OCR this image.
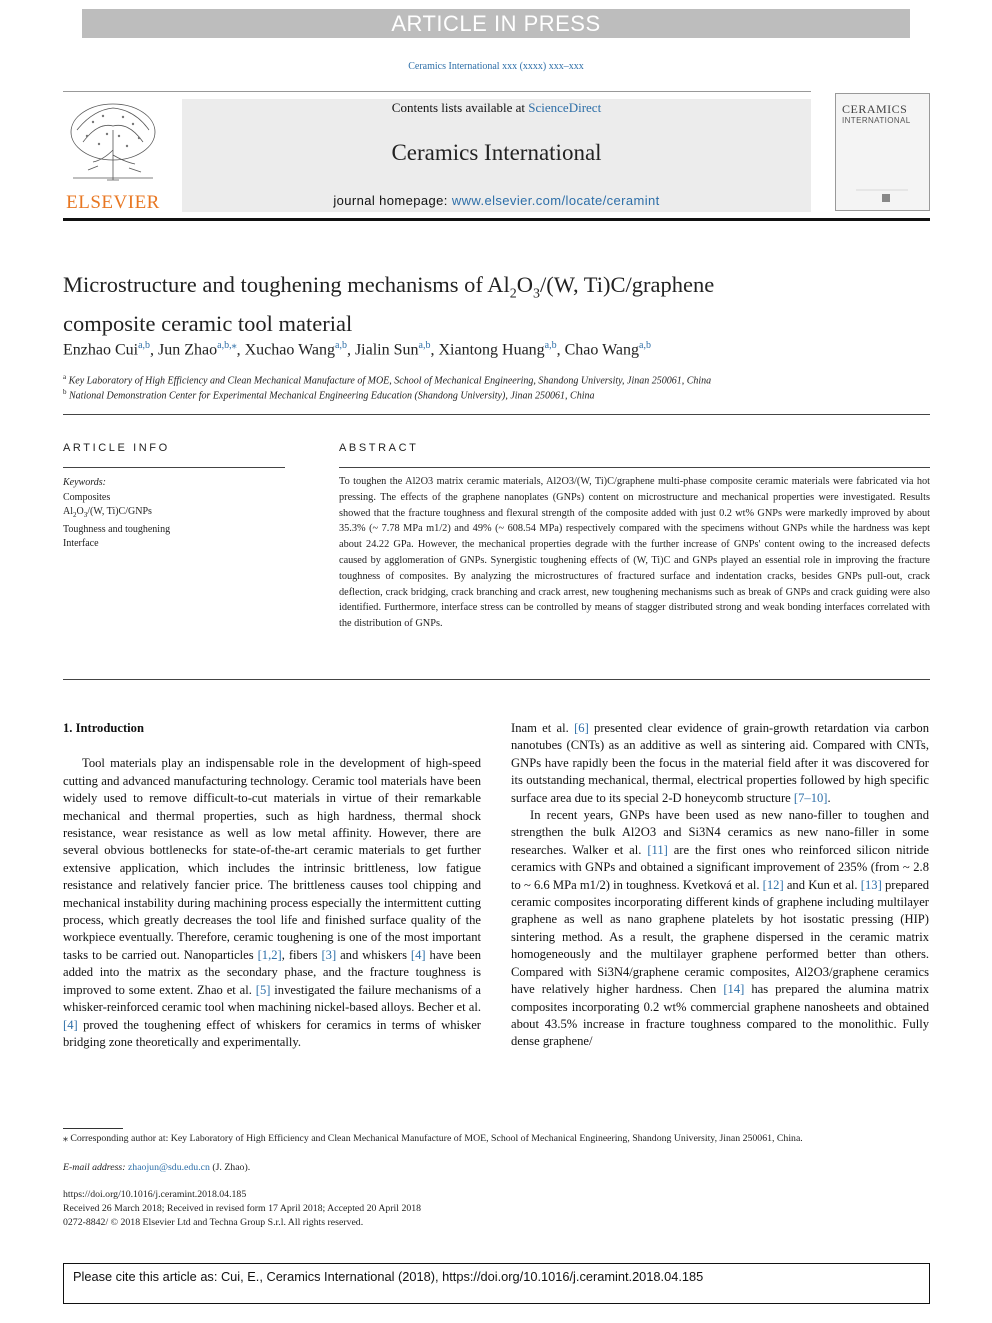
ARTICLE IN PRESS
Ceramics International xxx (xxxx) xxx–xxx
ELSEVIER
Contents lists available at ScienceDirect
Ceramics International
journal homepage: www.elsevier.com/locate/ceramint
CERAMICS
INTERNATIONAL
Microstructure and toughening mechanisms of $Al_2O_3/(W$, Ti)C/graphene
composite ceramic tool material
Enzhao Cui$^{a,b}$, Jun Zhao$^{a,b,⁎}$, Xuchao Wang$^{a,b}$, Jialin Sun$^{a,b}$, Xiantong Huang$^{a,b}$, Chao Wang$^{a,b}$
$^a$ Key Laboratory of High Efficiency and Clean Mechanical Manufacture of MOE, School of Mechanical Engineering, Shandong University, Jinan 250061, China
$^b$ National Demonstration Center for Experimental Mechanical Engineering Education (Shandong University), Jinan 250061, China
ARTICLE INFO
Keywords:
Composites
$Al_2O_3/(W$, Ti)C/GNPs
Toughness and toughening
Interface
ABSTRACT
To toughen the Al2O3 matrix ceramic materials, Al2O3/(W, Ti)C/graphene multi-phase composite ceramic materials were fabricated via hot pressing. The effects of the graphene nanoplates (GNPs) content on microstructure and mechanical properties were investigated. Results showed that the fracture toughness and flexural strength of the composite added with just 0.2 wt% GNPs were markedly improved by about 35.3% (~ 7.78 MPa m1/2) and 49% (~ 608.54 MPa) respectively compared with the specimens without GNPs while the hardness was kept about 24.22 GPa. However, the mechanical properties degrade with the further increase of GNPs' content owing to the increased defects caused by agglomeration of GNPs. Synergistic toughening effects of (W, Ti)C and GNPs played an essential role in improving the fracture toughness of composites. By analyzing the microstructures of fractured surface and indentation cracks, besides GNPs pull-out, crack deflection, crack bridging, crack branching and crack arrest, new toughening mechanisms such as break of GNPs and crack guiding were also identified. Furthermore, interface stress can be controlled by means of stagger distributed strong and weak bonding interfaces correlated with the distribution of GNPs.
1. Introduction

Tool materials play an indispensable role in the development of high-speed cutting and advanced manufacturing technology. Ceramic tool materials have been widely used to remove difficult-to-cut materials in virtue of their remarkable mechanical and thermal properties, such as high hardness, thermal shock resistance, wear resistance as well as low metal affinity. However, there are several obvious bottlenecks for state-of-the-art ceramic materials to get further extensive application, which includes the intrinsic brittleness, low fatigue resistance and relatively fancier price. The brittleness causes tool chipping and mechanical instability during machining process especially the intermittent cutting process, which greatly decreases the tool life and finished surface quality of the workpiece eventually. Therefore, ceramic toughening is one of the most important tasks to be carried out. Nanoparticles [1,2], fibers [3] and whiskers [4] have been added into the matrix as the secondary phase, and the fracture toughness is improved to some extent. Zhao et al. [5] investigated the failure mechanisms of a whisker-reinforced ceramic tool when machining nickel-based alloys. Becher et al. [4] proved the toughening effect of whiskers for ceramics in terms of whisker bridging zone theoretically and experimentally.

Inam et al. [6] presented clear evidence of grain-growth retardation via carbon nanotubes (CNTs) as an additive as well as sintering aid. Compared with CNTs, GNPs have rapidly been the focus in the material field after it was discovered for its outstanding mechanical, thermal, electrical properties followed by high specific surface area due to its special 2-D honeycomb structure [7–10].

In recent years, GNPs have been used as new nano-filler to toughen and strengthen the bulk Al2O3 and Si3N4 ceramics as new nano-filler in some researches. Walker et al. [11] are the first ones who reinforced silicon nitride ceramics with GNPs and obtained a significant improvement of 235% (from ~ 2.8 to ~ 6.6 MPa m1/2) in toughness. Kvetková et al. [12] and Kun et al. [13] prepared ceramic composites incorporating different kinds of graphene including multilayer graphene as well as nano graphene platelets by hot isostatic pressing (HIP) sintering method. As a result, the graphene dispersed in the ceramic matrix homogeneously and the multilayer graphene performed better than others. Compared with Si3N4/graphene ceramic composites, Al2O3/graphene ceramics have relatively higher hardness. Chen [14] has prepared the alumina matrix composites incorporating 0.2 wt% commercial graphene nanosheets and obtained about 43.5% increase in fracture toughness compared to the monolithic. Fully dense graphene/

⁎ Corresponding author at: Key Laboratory of High Efficiency and Clean Mechanical Manufacture of MOE, School of Mechanical Engineering, Shandong University, Jinan 250061, China.
E-mail address: zhaojun@sdu.edu.cn (J. Zhao).
https://doi.org/10.1016/j.ceramint.2018.04.185
Received 26 March 2018; Received in revised form 17 April 2018; Accepted 20 April 2018
0272-8842/ © 2018 Elsevier Ltd and Techna Group S.r.l. All rights reserved.
Please cite this article as: Cui, E., Ceramics International (2018), https://doi.org/10.1016/j.ceramint.2018.04.185
